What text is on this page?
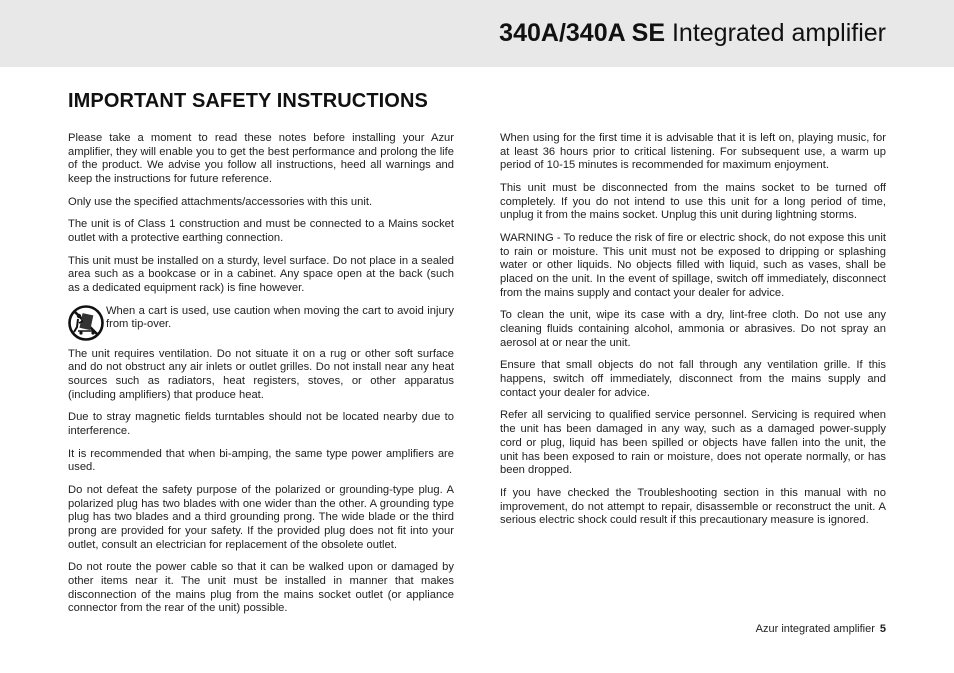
340A/340A SE Integrated amplifier
IMPORTANT SAFETY INSTRUCTIONS

Please take a moment to read these notes before installing your Azur amplifier, they will enable you to get the best performance and prolong the life of the product. We advise you follow all instructions, heed all warnings and keep the instructions for future reference.

Only use the specified attachments/accessories with this unit.

The unit is of Class 1 construction and must be connected to a Mains socket outlet with a protective earthing connection.

This unit must be installed on a sturdy, level surface. Do not place in a sealed area such as a bookcase or in a cabinet. Any space open at the back (such as a dedicated equipment rack) is fine however.

When a cart is used, use caution when moving the cart to avoid injury from tip-over.

The unit requires ventilation. Do not situate it on a rug or other soft surface and do not obstruct any air inlets or outlet grilles. Do not install near any heat sources such as radiators, heat registers, stoves, or other apparatus (including amplifiers) that produce heat.

Due to stray magnetic fields turntables should not be located nearby due to interference.

It is recommended that when bi-amping, the same type power amplifiers are used.

Do not defeat the safety purpose of the polarized or grounding-type plug. A polarized plug has two blades with one wider than the other. A grounding type plug has two blades and a third grounding prong. The wide blade or the third prong are provided for your safety. If the provided plug does not fit into your outlet, consult an electrician for replacement of the obsolete outlet.

Do not route the power cable so that it can be walked upon or damaged by other items near it. The unit must be installed in manner that makes disconnection of the mains plug from the mains socket outlet (or appliance connector from the rear of the unit) possible.

When using for the first time it is advisable that it is left on, playing music, for at least 36 hours prior to critical listening. For subsequent use, a warm up period of 10-15 minutes is recommended for maximum enjoyment.

This unit must be disconnected from the mains socket to be turned off completely. If you do not intend to use this unit for a long period of time, unplug it from the mains socket. Unplug this unit during lightning storms.

WARNING - To reduce the risk of fire or electric shock, do not expose this unit to rain or moisture. This unit must not be exposed to dripping or splashing water or other liquids. No objects filled with liquid, such as vases, shall be placed on the unit. In the event of spillage, switch off immediately, disconnect from the mains supply and contact your dealer for advice.

To clean the unit, wipe its case with a dry, lint-free cloth. Do not use any cleaning fluids containing alcohol, ammonia or abrasives. Do not spray an aerosol at or near the unit.

Ensure that small objects do not fall through any ventilation grille. If this happens, switch off immediately, disconnect from the mains supply and contact your dealer for advice.

Refer all servicing to qualified service personnel. Servicing is required when the unit has been damaged in any way, such as a damaged power-supply cord or plug, liquid has been spilled or objects have fallen into the unit, the unit has been exposed to rain or moisture, does not operate normally, or has been dropped.

If you have checked the Troubleshooting section in this manual with no improvement, do not attempt to repair, disassemble or reconstruct the unit. A serious electric shock could result if this precautionary measure is ignored.

Azur integrated amplifier 5
